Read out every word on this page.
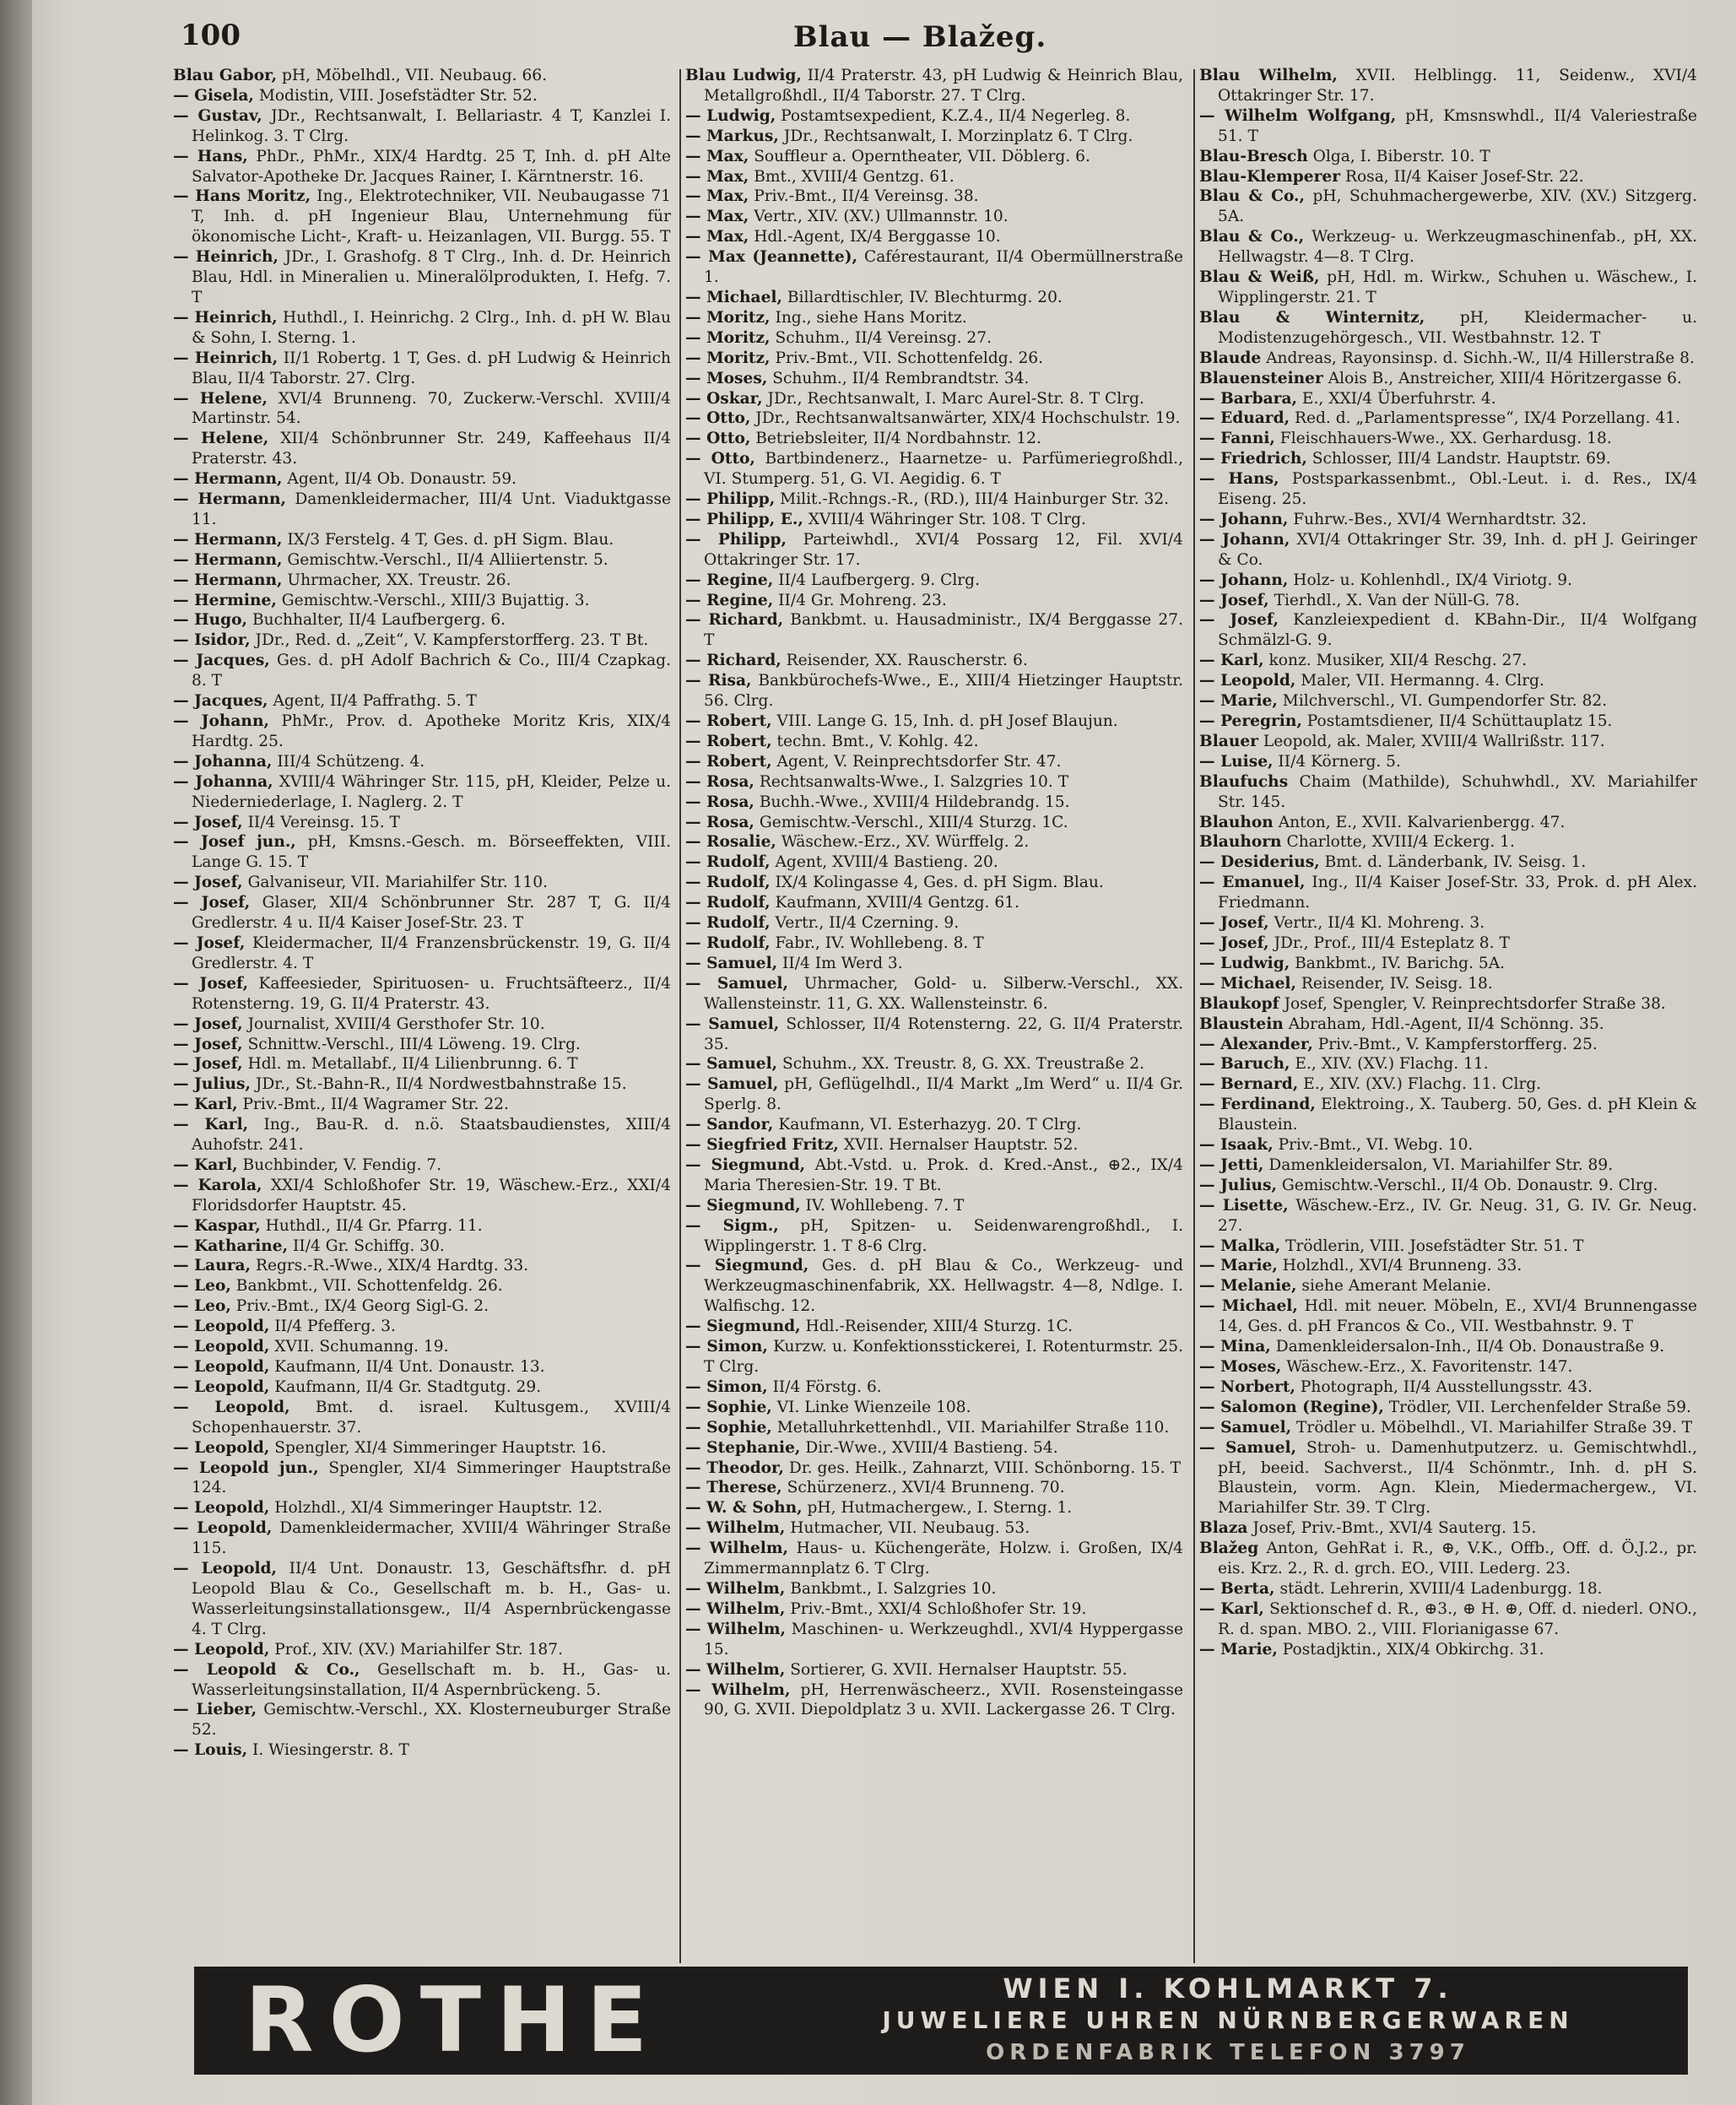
100	Blau — Blažeg.

Blau Gabor, pH, Möbelhdl., VII. Neubaug. 66.

— Gisela, Modistin, VIII. Josefstädter Str. 52.

— Gustav, JDr., Rechtsanwalt, I. Bellariastr. 4 T, Kanzlei I. Helinkog. 3. T Clrg.

— Hans, PhDr., PhMr., XIX/4 Hardtg. 25 T, Inh. d. pH Alte Salvator-Apotheke Dr. Jacques Rainer, I. Kärntnerstr. 16.

— Hans Moritz, Ing., Elektrotechniker, VII. Neubaugasse 71 T, Inh. d. pH Ingenieur Blau, Unternehmung für ökonomische Licht-, Kraft- u. Heizanlagen, VII. Burgg. 55. T

— Heinrich, JDr., I. Grashofg. 8 T Clrg., Inh. d. Dr. Heinrich Blau, Hdl. in Mineralien u. Mineralölprodukten, I. Hefg. 7. T

— Heinrich, Huthdl., I. Heinrichg. 2 Clrg., Inh. d. pH W. Blau & Sohn, I. Sterng. 1.

— Heinrich, II/1 Robertg. 1 T, Ges. d. pH Ludwig & Heinrich Blau, II/4 Taborstr. 27. Clrg.

— Helene, XVI/4 Brunneng. 70, Zuckerw.-Verschl. XVIII/4 Martinstr. 54.

— Helene, XII/4 Schönbrunner Str. 249, Kaffeehaus II/4 Praterstr. 43.

— Hermann, Agent, II/4 Ob. Donaustr. 59.

— Hermann, Damenkleidermacher, III/4 Unt. Viaduktgasse 11.

— Hermann, IX/3 Ferstelg. 4 T, Ges. d. pH Sigm. Blau.

— Hermann, Gemischtw.-Verschl., II/4 Alliiertenstr. 5.

— Hermann, Uhrmacher, XX. Treustr. 26.

— Hermine, Gemischtw.-Verschl., XIII/3 Bujattig. 3.

— Hugo, Buchhalter, II/4 Laufbergerg. 6.

— Isidor, JDr., Red. d. „Zeit“, V. Kampferstorfferg. 23. T Bt.

— Jacques, Ges. d. pH Adolf Bachrich & Co., III/4 Czapkag. 8. T

— Jacques, Agent, II/4 Paffrathg. 5. T

— Johann, PhMr., Prov. d. Apotheke Moritz Kris, XIX/4 Hardtg. 25.

— Johanna, III/4 Schützeng. 4.

— Johanna, XVIII/4 Währinger Str. 115, pH, Kleider, Pelze u. Niederniederlage, I. Naglerg. 2. T

— Josef, II/4 Vereinsg. 15. T

— Josef jun., pH, Kmsns.-Gesch. m. Börseeffekten, VIII. Lange G. 15. T

— Josef, Galvaniseur, VII. Mariahilfer Str. 110.

— Josef, Glaser, XII/4 Schönbrunner Str. 287 T, G. II/4 Gredlerstr. 4 u. II/4 Kaiser Josef-Str. 23. T

— Josef, Kleidermacher, II/4 Franzensbrückenstr. 19, G. II/4 Gredlerstr. 4. T

— Josef, Kaffeesieder, Spirituosen- u. Fruchtsäfteerz., II/4 Rotensterng. 19, G. II/4 Praterstr. 43.

— Josef, Journalist, XVIII/4 Gersthofer Str. 10.

— Josef, Schnittw.-Verschl., III/4 Löweng. 19. Clrg.

— Josef, Hdl. m. Metallabf., II/4 Lilienbrunng. 6. T

— Julius, JDr., St.-Bahn-R., II/4 Nordwestbahnstraße 15.

— Karl, Priv.-Bmt., II/4 Wagramer Str. 22.

— Karl, Ing., Bau-R. d. n.ö. Staatsbaudienstes, XIII/4 Auhofstr. 241.

— Karl, Buchbinder, V. Fendig. 7.

— Karola, XXI/4 Schloßhofer Str. 19, Wäschew.-Erz., XXI/4 Floridsdorfer Hauptstr. 45.

— Kaspar, Huthdl., II/4 Gr. Pfarrg. 11.

— Katharine, II/4 Gr. Schiffg. 30.

— Laura, Regrs.-R.-Wwe., XIX/4 Hardtg. 33.

— Leo, Bankbmt., VII. Schottenfeldg. 26.

— Leo, Priv.-Bmt., IX/4 Georg Sigl-G. 2.

— Leopold, II/4 Pfefferg. 3.

— Leopold, XVII. Schumanng. 19.

— Leopold, Kaufmann, II/4 Unt. Donaustr. 13.

— Leopold, Kaufmann, II/4 Gr. Stadtgutg. 29.

— Leopold, Bmt. d. israel. Kultusgem., XVIII/4 Schopenhauerstr. 37.

— Leopold, Spengler, XI/4 Simmeringer Hauptstr. 16.

— Leopold jun., Spengler, XI/4 Simmeringer Hauptstraße 124.

— Leopold, Holzhdl., XI/4 Simmeringer Hauptstr. 12.

— Leopold, Damenkleidermacher, XVIII/4 Währinger Straße 115.

— Leopold, II/4 Unt. Donaustr. 13, Geschäftsfhr. d. pH Leopold Blau & Co., Gesellschaft m. b. H., Gas- u. Wasserleitungsinstallationsgew., II/4 Aspernbrückengasse 4. T Clrg.

— Leopold, Prof., XIV. (XV.) Mariahilfer Str. 187.

— Leopold & Co., Gesellschaft m. b. H., Gas- u. Wasserleitungsinstallation, II/4 Aspernbrückeng. 5.

— Lieber, Gemischtw.-Verschl., XX. Klosterneuburger Straße 52.

— Louis, I. Wiesingerstr. 8. T

Blau Ludwig, II/4 Praterstr. 43, pH Ludwig & Heinrich Blau, Metallgroßhdl., II/4 Taborstr. 27. T Clrg.

— Ludwig, Postamtsexpedient, K.Z.4., II/4 Negerleg. 8.

— Markus, JDr., Rechtsanwalt, I. Morzinplatz 6. T Clrg.

— Max, Souffleur a. Operntheater, VII. Döblerg. 6.

— Max, Bmt., XVIII/4 Gentzg. 61.

— Max, Priv.-Bmt., II/4 Vereinsg. 38.

— Max, Vertr., XIV. (XV.) Ullmannstr. 10.

— Max, Hdl.-Agent, IX/4 Berggasse 10.

— Max (Jeannette), Caférestaurant, II/4 Obermüllnerstraße 1.

— Michael, Billardtischler, IV. Blechturmg. 20.

— Moritz, Ing., siehe Hans Moritz.

— Moritz, Schuhm., II/4 Vereinsg. 27.

— Moritz, Priv.-Bmt., VII. Schottenfeldg. 26.

— Moses, Schuhm., II/4 Rembrandtstr. 34.

— Oskar, JDr., Rechtsanwalt, I. Marc Aurel-Str. 8. T Clrg.

— Otto, JDr., Rechtsanwaltsanwärter, XIX/4 Hochschulstr. 19.

— Otto, Betriebsleiter, II/4 Nordbahnstr. 12.

— Otto, Bartbindenerz., Haarnetze- u. Parfümeriegroßhdl., VI. Stumperg. 51, G. VI. Aegidig. 6. T

— Philipp, Milit.-Rchngs.-R., (RD.), III/4 Hainburger Str. 32.

— Philipp, E., XVIII/4 Währinger Str. 108. T Clrg.

— Philipp, Parteiwhdl., XVI/4 Possarg 12, Fil. XVI/4 Ottakringer Str. 17.

— Regine, II/4 Laufbergerg. 9. Clrg.

— Regine, II/4 Gr. Mohreng. 23.

— Richard, Bankbmt. u. Hausadministr., IX/4 Berggasse 27. T

— Richard, Reisender, XX. Rauscherstr. 6.

— Risa, Bankbürochefs-Wwe., E., XIII/4 Hietzinger Hauptstr. 56. Clrg.

— Robert, VIII. Lange G. 15, Inh. d. pH Josef Blaujun.

— Robert, techn. Bmt., V. Kohlg. 42.

— Robert, Agent, V. Reinprechtsdorfer Str. 47.

— Rosa, Rechtsanwalts-Wwe., I. Salzgries 10. T

— Rosa, Buchh.-Wwe., XVIII/4 Hildebrandg. 15.

— Rosa, Gemischtw.-Verschl., XIII/4 Sturzg. 1C.

— Rosalie, Wäschew.-Erz., XV. Würffelg. 2.

— Rudolf, Agent, XVIII/4 Bastieng. 20.

— Rudolf, IX/4 Kolingasse 4, Ges. d. pH Sigm. Blau.

— Rudolf, Kaufmann, XVIII/4 Gentzg. 61.

— Rudolf, Vertr., II/4 Czerning. 9.

— Rudolf, Fabr., IV. Wohllebeng. 8. T

— Samuel, II/4 Im Werd 3.

— Samuel, Uhrmacher, Gold- u. Silberw.-Verschl., XX. Wallensteinstr. 11, G. XX. Wallensteinstr. 6.

— Samuel, Schlosser, II/4 Rotensterng. 22, G. II/4 Praterstr. 35.

— Samuel, Schuhm., XX. Treustr. 8, G. XX. Treustraße 2.

— Samuel, pH, Geflügelhdl., II/4 Markt „Im Werd“ u. II/4 Gr. Sperlg. 8.

— Sandor, Kaufmann, VI. Esterhazyg. 20. T Clrg.

— Siegfried Fritz, XVII. Hernalser Hauptstr. 52.

— Siegmund, Abt.-Vstd. u. Prok. d. Kred.-Anst., ⊕2., IX/4 Maria Theresien-Str. 19. T Bt.

— Siegmund, IV. Wohllebeng. 7. T

— Sigm., pH, Spitzen- u. Seidenwarengroßhdl., I. Wipplingerstr. 1. T 8-6 Clrg.

— Siegmund, Ges. d. pH Blau & Co., Werkzeug- und Werkzeugmaschinenfabrik, XX. Hellwagstr. 4—8, Ndlge. I. Walfischg. 12.

— Siegmund, Hdl.-Reisender, XIII/4 Sturzg. 1C.

— Simon, Kurzw. u. Konfektionsstickerei, I. Rotenturmstr. 25. T Clrg.

— Simon, II/4 Förstg. 6.

— Sophie, VI. Linke Wienzeile 108.

— Sophie, Metalluhrkettenhdl., VII. Mariahilfer Straße 110.

— Stephanie, Dir.-Wwe., XVIII/4 Bastieng. 54.

— Theodor, Dr. ges. Heilk., Zahnarzt, VIII. Schönborng. 15. T

— Therese, Schürzenerz., XVI/4 Brunneng. 70.

— W. & Sohn, pH, Hutmachergew., I. Sterng. 1.

— Wilhelm, Hutmacher, VII. Neubaug. 53.

— Wilhelm, Haus- u. Küchengeräte, Holzw. i. Großen, IX/4 Zimmermannplatz 6. T Clrg.

— Wilhelm, Bankbmt., I. Salzgries 10.

— Wilhelm, Priv.-Bmt., XXI/4 Schloßhofer Str. 19.

— Wilhelm, Maschinen- u. Werkzeughdl., XVI/4 Hyppergasse 15.

— Wilhelm, Sortierer, G. XVII. Hernalser Hauptstr. 55.

— Wilhelm, pH, Herrenwäscheerz., XVII. Rosensteingasse 90, G. XVII. Diepoldplatz 3 u. XVII. Lackergasse 26. T Clrg.

Blau Wilhelm, XVII. Helblingg. 11, Seidenw., XVI/4 Ottakringer Str. 17.

— Wilhelm Wolfgang, pH, Kmsnswhdl., II/4 Valeriestraße 51. T

Blau-Bresch Olga, I. Biberstr. 10. T

Blau-Klemperer Rosa, II/4 Kaiser Josef-Str. 22.

Blau & Co., pH, Schuhmachergewerbe, XIV. (XV.) Sitzgerg. 5A.

Blau & Co., Werkzeug- u. Werkzeugmaschinenfab., pH, XX. Hellwagstr. 4—8. T Clrg.

Blau & Weiß, pH, Hdl. m. Wirkw., Schuhen u. Wäschew., I. Wipplingerstr. 21. T

Blau & Winternitz, pH, Kleidermacher- u. Modistenzugehörgesch., VII. Westbahnstr. 12. T

Blaude Andreas, Rayonsinsp. d. Sichh.-W., II/4 Hillerstraße 8.

Blauensteiner Alois B., Anstreicher, XIII/4 Höritzergasse 6.

— Barbara, E., XXI/4 Überfuhrstr. 4.

— Eduard, Red. d. „Parlamentspresse“, IX/4 Porzellang. 41.

— Fanni, Fleischhauers-Wwe., XX. Gerhardusg. 18.

— Friedrich, Schlosser, III/4 Landstr. Hauptstr. 69.

— Hans, Postsparkassenbmt., Obl.-Leut. i. d. Res., IX/4 Eiseng. 25.

— Johann, Fuhrw.-Bes., XVI/4 Wernhardtstr. 32.

— Johann, XVI/4 Ottakringer Str. 39, Inh. d. pH J. Geiringer & Co.

— Johann, Holz- u. Kohlenhdl., IX/4 Viriotg. 9.

— Josef, Tierhdl., X. Van der Nüll-G. 78.

— Josef, Kanzleiexpedient d. KBahn-Dir., II/4 Wolfgang Schmälzl-G. 9.

— Karl, konz. Musiker, XII/4 Reschg. 27.

— Leopold, Maler, VII. Hermanng. 4. Clrg.

— Marie, Milchverschl., VI. Gumpendorfer Str. 82.

— Peregrin, Postamtsdiener, II/4 Schüttauplatz 15.

Blauer Leopold, ak. Maler, XVIII/4 Wallrißstr. 117.

— Luise, II/4 Körnerg. 5.

Blaufuchs Chaim (Mathilde), Schuhwhdl., XV. Mariahilfer Str. 145.

Blauhon Anton, E., XVII. Kalvarienbergg. 47.

Blauhorn Charlotte, XVIII/4 Eckerg. 1.

— Desiderius, Bmt. d. Länderbank, IV. Seisg. 1.

— Emanuel, Ing., II/4 Kaiser Josef-Str. 33, Prok. d. pH Alex. Friedmann.

— Josef, Vertr., II/4 Kl. Mohreng. 3.

— Josef, JDr., Prof., III/4 Esteplatz 8. T

— Ludwig, Bankbmt., IV. Barichg. 5A.

— Michael, Reisender, IV. Seisg. 18.

Blaukopf Josef, Spengler, V. Reinprechtsdorfer Straße 38.

Blaustein Abraham, Hdl.-Agent, II/4 Schönng. 35.

— Alexander, Priv.-Bmt., V. Kampferstorfferg. 25.

— Baruch, E., XIV. (XV.) Flachg. 11.

— Bernard, E., XIV. (XV.) Flachg. 11. Clrg.

— Ferdinand, Elektroing., X. Tauberg. 50, Ges. d. pH Klein & Blaustein.

— Isaak, Priv.-Bmt., VI. Webg. 10.

— Jetti, Damenkleidersalon, VI. Mariahilfer Str. 89.

— Julius, Gemischtw.-Verschl., II/4 Ob. Donaustr. 9. Clrg.

— Lisette, Wäschew.-Erz., IV. Gr. Neug. 31, G. IV. Gr. Neug. 27.

— Malka, Trödlerin, VIII. Josefstädter Str. 51. T

— Marie, Holzhdl., XVI/4 Brunneng. 33.

— Melanie, siehe Amerant Melanie.

— Michael, Hdl. mit neuer. Möbeln, E., XVI/4 Brunnengasse 14, Ges. d. pH Francos & Co., VII. Westbahnstr. 9. T

— Mina, Damenkleidersalon-Inh., II/4 Ob. Donaustraße 9.

— Moses, Wäschew.-Erz., X. Favoritenstr. 147.

— Norbert, Photograph, II/4 Ausstellungsstr. 43.

— Salomon (Regine), Trödler, VII. Lerchenfelder Straße 59.

— Samuel, Trödler u. Möbelhdl., VI. Mariahilfer Straße 39. T

— Samuel, Stroh- u. Damenhutputzerz. u. Gemischtwhdl., pH, beeid. Sachverst., II/4 Schönmtr., Inh. d. pH S. Blaustein, vorm. Agn. Klein, Miedermachergew., VI. Mariahilfer Str. 39. T Clrg.

Blaza Josef, Priv.-Bmt., XVI/4 Sauterg. 15.

Blažeg Anton, GehRat i. R., ⊕, V.K., Offb., Off. d. Ö.J.2., pr. eis. Krz. 2., R. d. grch. EO., VIII. Lederg. 23.

— Berta, städt. Lehrerin, XVIII/4 Ladenburgg. 18.

— Karl, Sektionschef d. R., ⊕3., ⊕ H. ⊕, Off. d. niederl. ONO., R. d. span. MBO. 2., VIII. Florianigasse 67.

— Marie, Postadjktin., XIX/4 Obkirchg. 31.

ROTHE	WIEN I. KOHLMARKT 7.
JUWELIERE UHREN NÜRNBERGERWAREN
ORDENFABRIK TELEFON 3797
